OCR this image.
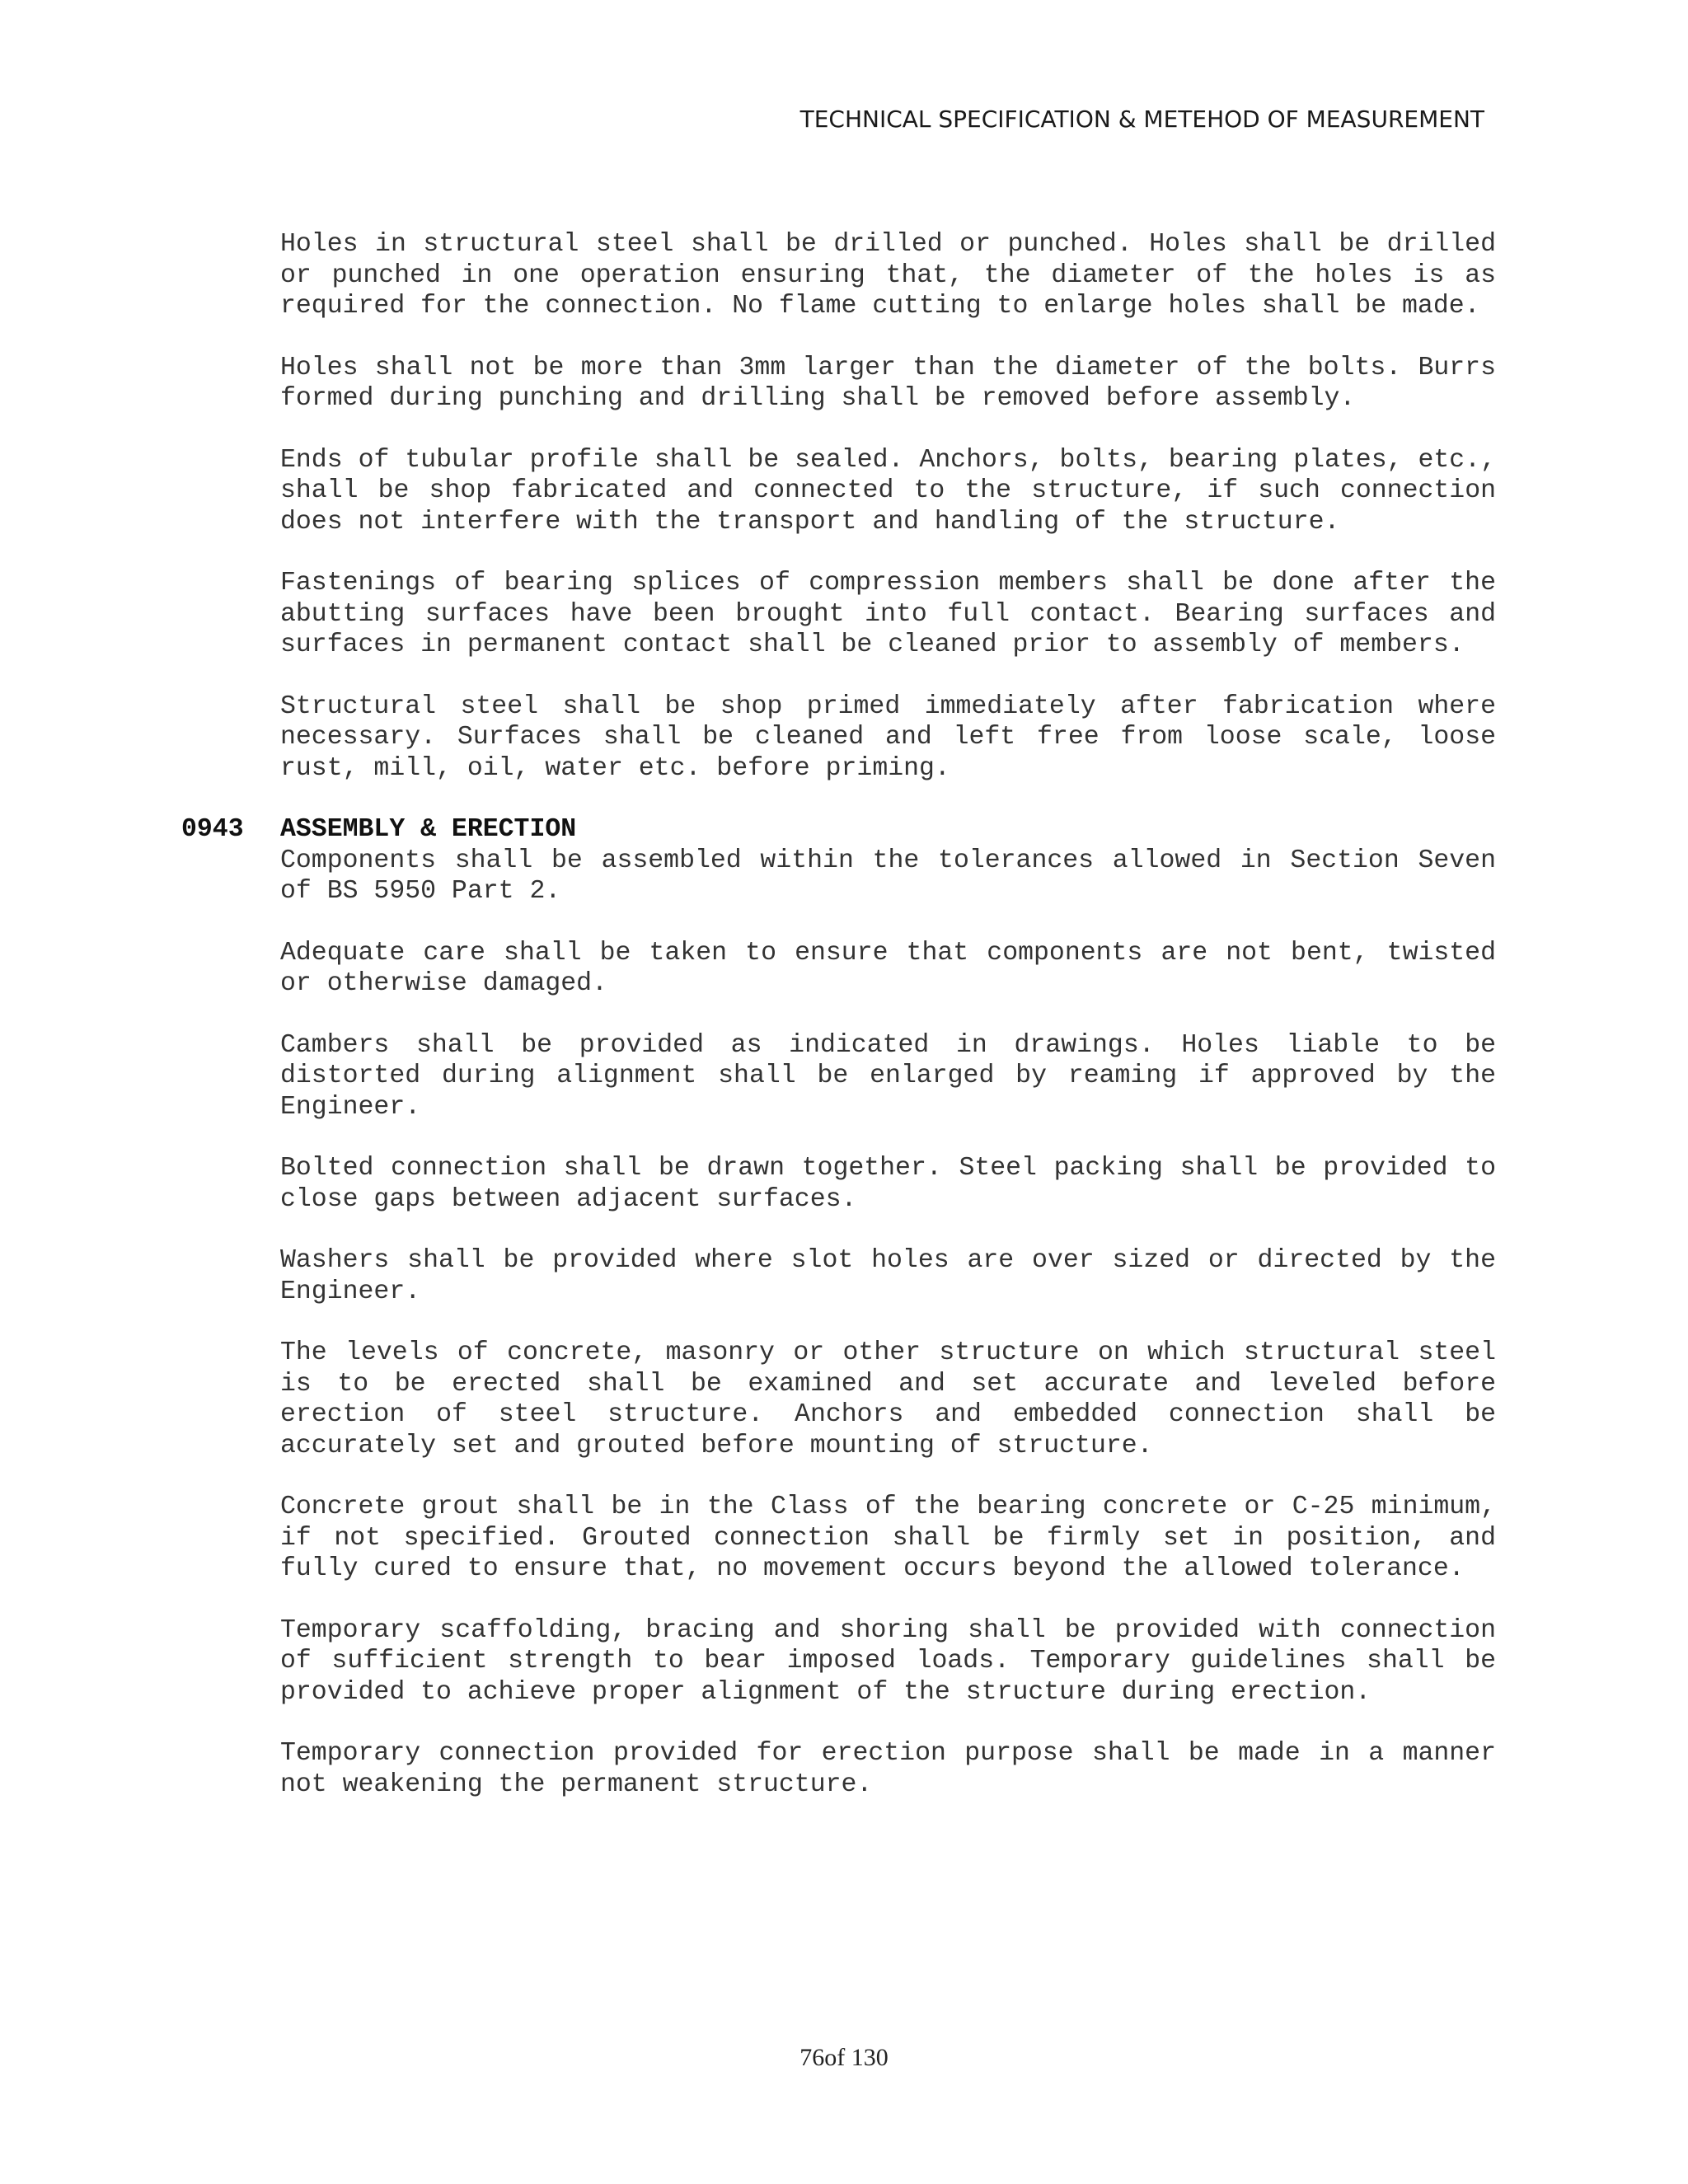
TECHNICAL SPECIFICATION & METEHOD OF MEASUREMENT

Holes in structural steel shall be drilled or punched. Holes shall be drilled or punched in one operation ensuring that, the diameter of the holes is as required for the connection. No flame cutting to enlarge holes shall be made.

Holes shall not be more than 3mm larger than the diameter of the bolts. Burrs formed during punching and drilling shall be removed before assembly.

Ends of tubular profile shall be sealed. Anchors, bolts, bearing plates, etc., shall be shop fabricated and connected to the structure, if such connection does not interfere with the transport and handling of the structure.

Fastenings of bearing splices of compression members shall be done after the abutting surfaces have been brought into full contact. Bearing surfaces and surfaces in permanent contact shall be cleaned prior to assembly of members.

Structural steel shall be shop primed immediately after fabrication where necessary. Surfaces shall be cleaned and left free from loose scale, loose rust, mill, oil, water etc. before priming.

0943 ASSEMBLY & ERECTION

Components shall be assembled within the tolerances allowed in Section Seven of BS 5950 Part 2.

Adequate care shall be taken to ensure that components are not bent, twisted or otherwise damaged.

Cambers shall be provided as indicated in drawings. Holes liable to be distorted during alignment shall be enlarged by reaming if approved by the Engineer.

Bolted connection shall be drawn together. Steel packing shall be provided to close gaps between adjacent surfaces.

Washers shall be provided where slot holes are over sized or directed by the Engineer.

The levels of concrete, masonry or other structure on which structural steel is to be erected shall be examined and set accurate and leveled before erection of steel structure. Anchors and embedded connection shall be accurately set and grouted before mounting of structure.

Concrete grout shall be in the Class of the bearing concrete or C-25 minimum, if not specified. Grouted connection shall be firmly set in position, and fully cured to ensure that, no movement occurs beyond the allowed tolerance.

Temporary scaffolding, bracing and shoring shall be provided with connection of sufficient strength to bear imposed loads. Temporary guidelines shall be provided to achieve proper alignment of the structure during erection.

Temporary connection provided for erection purpose shall be made in a manner not weakening the permanent structure.

76of 130
